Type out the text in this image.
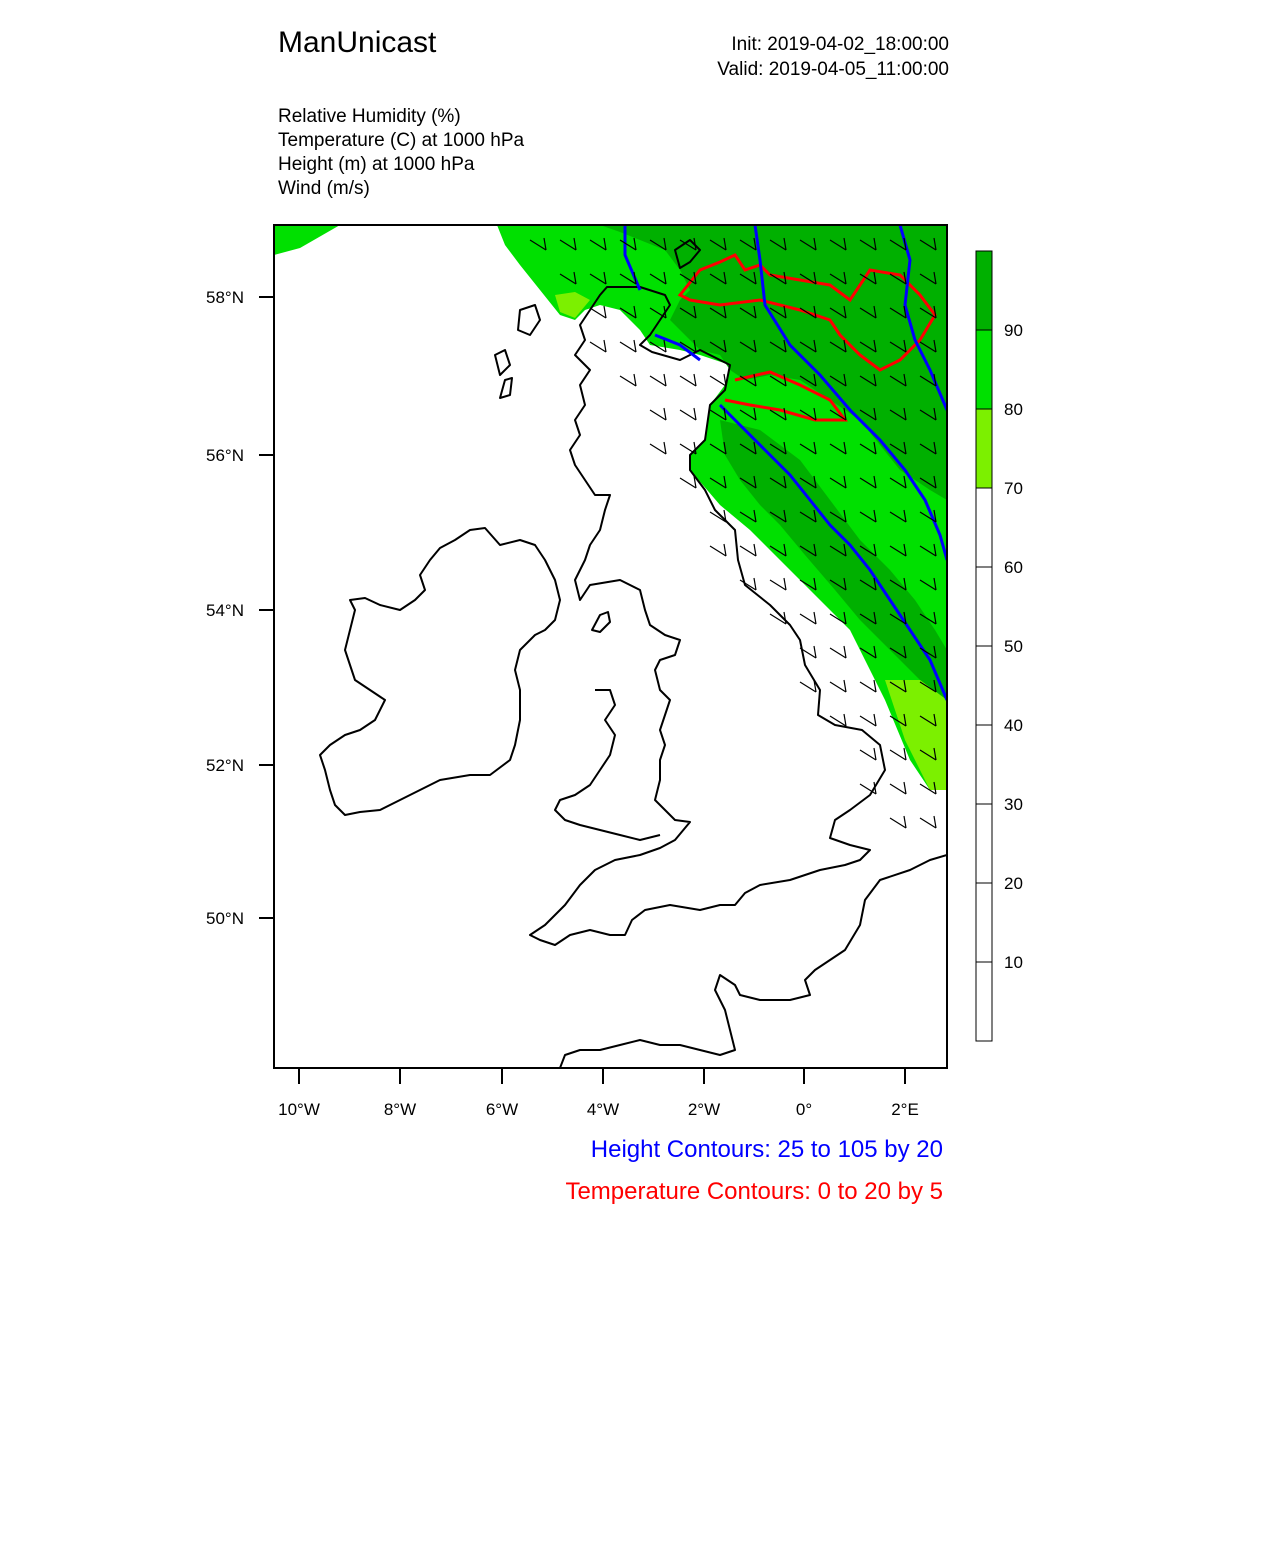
ManUnicast	Init: 2019-04-02_18:00:00
Valid: 2019-04-05_11:00:00
Relative Humidity (%)
Temperature (C) at 1000 hPa
Height (m) at 1000 hPa
Wind (m/s)
58°N
56°N
54°N
52°N
50°N
10°W	8°W	6°W	4°W	2°W	0°	2°E
90
80
70
60
50
40
30
20
10
Height Contours: 25 to 105 by 20
Temperature Contours: 0 to 20 by 5
